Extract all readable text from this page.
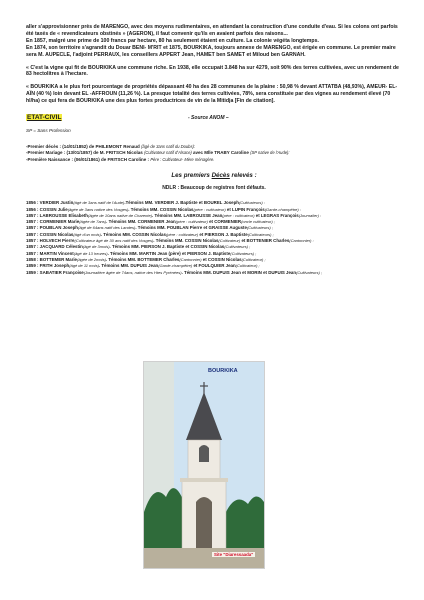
aller s'approvisionner près de MARENGO, avec des moyens rudimentaires, en attendant la construction d'une conduite d'eau. Si les colons ont parfois été taxés de « revendicateurs obstinés » (AGERON), il faut convenir qu'ils en avaient parfois des raisons...

En 1857, malgré une prime de 100 francs par hectare, 80 ha seulement étaient en culture. La colonie végéta longtemps.

En 1874, son territoire s'agrandit du Douar BENI- M'RIT et 1875, BOURKIKA, toujours annexe de MARENGO, est érigée en commune. Le premier maire sera M. AUPECLE, l'adjoint PERRAUX, les conseillers APPERT Jean, HAMET ben SAMET et Miloud ben GARNAH.

« C'est la vigne qui fit de BOURKIKA une commune riche. En 1938, elle occupait 3.848 ha sur 4279, soit 90% des terres cultivées, avec un rendement de 83 hectolitres à l'hectare.

« BOURKIKA a le plus fort pourcentage de propriétés dépassant 40 ha des 28 communes de la plaine : 50,98 % devant ATTATBA (48,93%), AMEUR- EL-AÏN (40 %) loin devant EL -AFFROUN (11,26 %). La presque totalité des terres cultivées, 78%, sera constituée par des vignes au rendement élevé (70 hl/ha) ce qui fera de BOURKIKA une des plus fortes productrices de vin de la Mitidja [Fin de citation].

ETAT-CIVIL	- Source ANOM –

SP = Sans Profession

-Premier décès : (14/01/1852) de PHILEMONT Renaud (âgé de 3ans natif du Doubs):

-Premier Mariage : (13/01/1857) de M. FRITSCH Nicolas (Cultivateur natif d'Alsace) avec Mlle TRABY Caroline (SP native de l'Aude):

-Première Naissance : (06/01/1861) de FRITSCH Caroline : Père : Cultivateur- Mère ménagère.

Les premiers Décès relevés :

NDLR : Beaucoup de registres font défauts.

1856 : VERDIER Justin(âgé de 3ans natif de l'Aude).Témoins MM. VERDIER J. Baptiste et BOUREL Joseph(Cultivateurs) :

1856 : COSSIN Julie(âgée de 3ans native des Vosges). Témoins MM. COSSIN Nicolas(père : cultivateur) et LUPIN François(Garde-champêtre) :

1857 : LABROUSSE Elisabeth(âgée de 10ans native de Charente). Témoins MM. LABROUSSE Jean(père : cultivateur) et LEGRAS François(Journalier) :

1857 : CORMENIER Marie(âgée de 7ans). Témoins MM. CORMENIER Jean(père : cultivateur) et CORMENIER(oncle cultivateur) ;

1857 : POUBLAN Joseph(âgé de 64ans natif des Landes). Témoins MM. POUBLAN Pierre et GRAISSE Auguste(Cultivateurs) ;

1857 : COSSIN Nicolas(âgé d'un mois). Témoins MM. COSSIN Nicolas(père : cultivateur) et PIERSON J. Baptiste(Cultivateurs) ;

1857 : HOLVECH Pierre(Cultivateur âgé de 30 ans natif des Vosges). Témoins MM. COSSIN Nicolas(Cultivateur) et BOTTENIER Charles(Cantonnier) :

1857 : JACQUARD Célestin(âgé de 3mois). Témoins MM. PIERSON J. Baptiste et COSSIN Nicolas(Cultivateurs) ;

1857 : MARTIN Vincent(âgé de 13 heures). Témoins MM. MARTIN Jean (père) et PIERSON J. Baptiste(Cultivateurs) ;

1858 : BOTTEMER Marie(âgée de 2mois). Témoins MM. BOTTEMER Charles(Cantonnier) et COSSIN Nicolas(Cultivateur) ;

1859 : FRITH Joseph(âgé de 11 mois). Témoins MM. DUPUIS Jean(Garde-champêtre) et FOULQUIER Jean(Cultivateur) ;

1859 : SABATIER Françoise(Journalière âgée de 74ans, native des Htes Pyrénées). Témoins MM. DUPUIS Jean et MORIN et DUPUIS Jean(Cultivateurs) ;

BOURKIKA
Site "Diaressaada"
